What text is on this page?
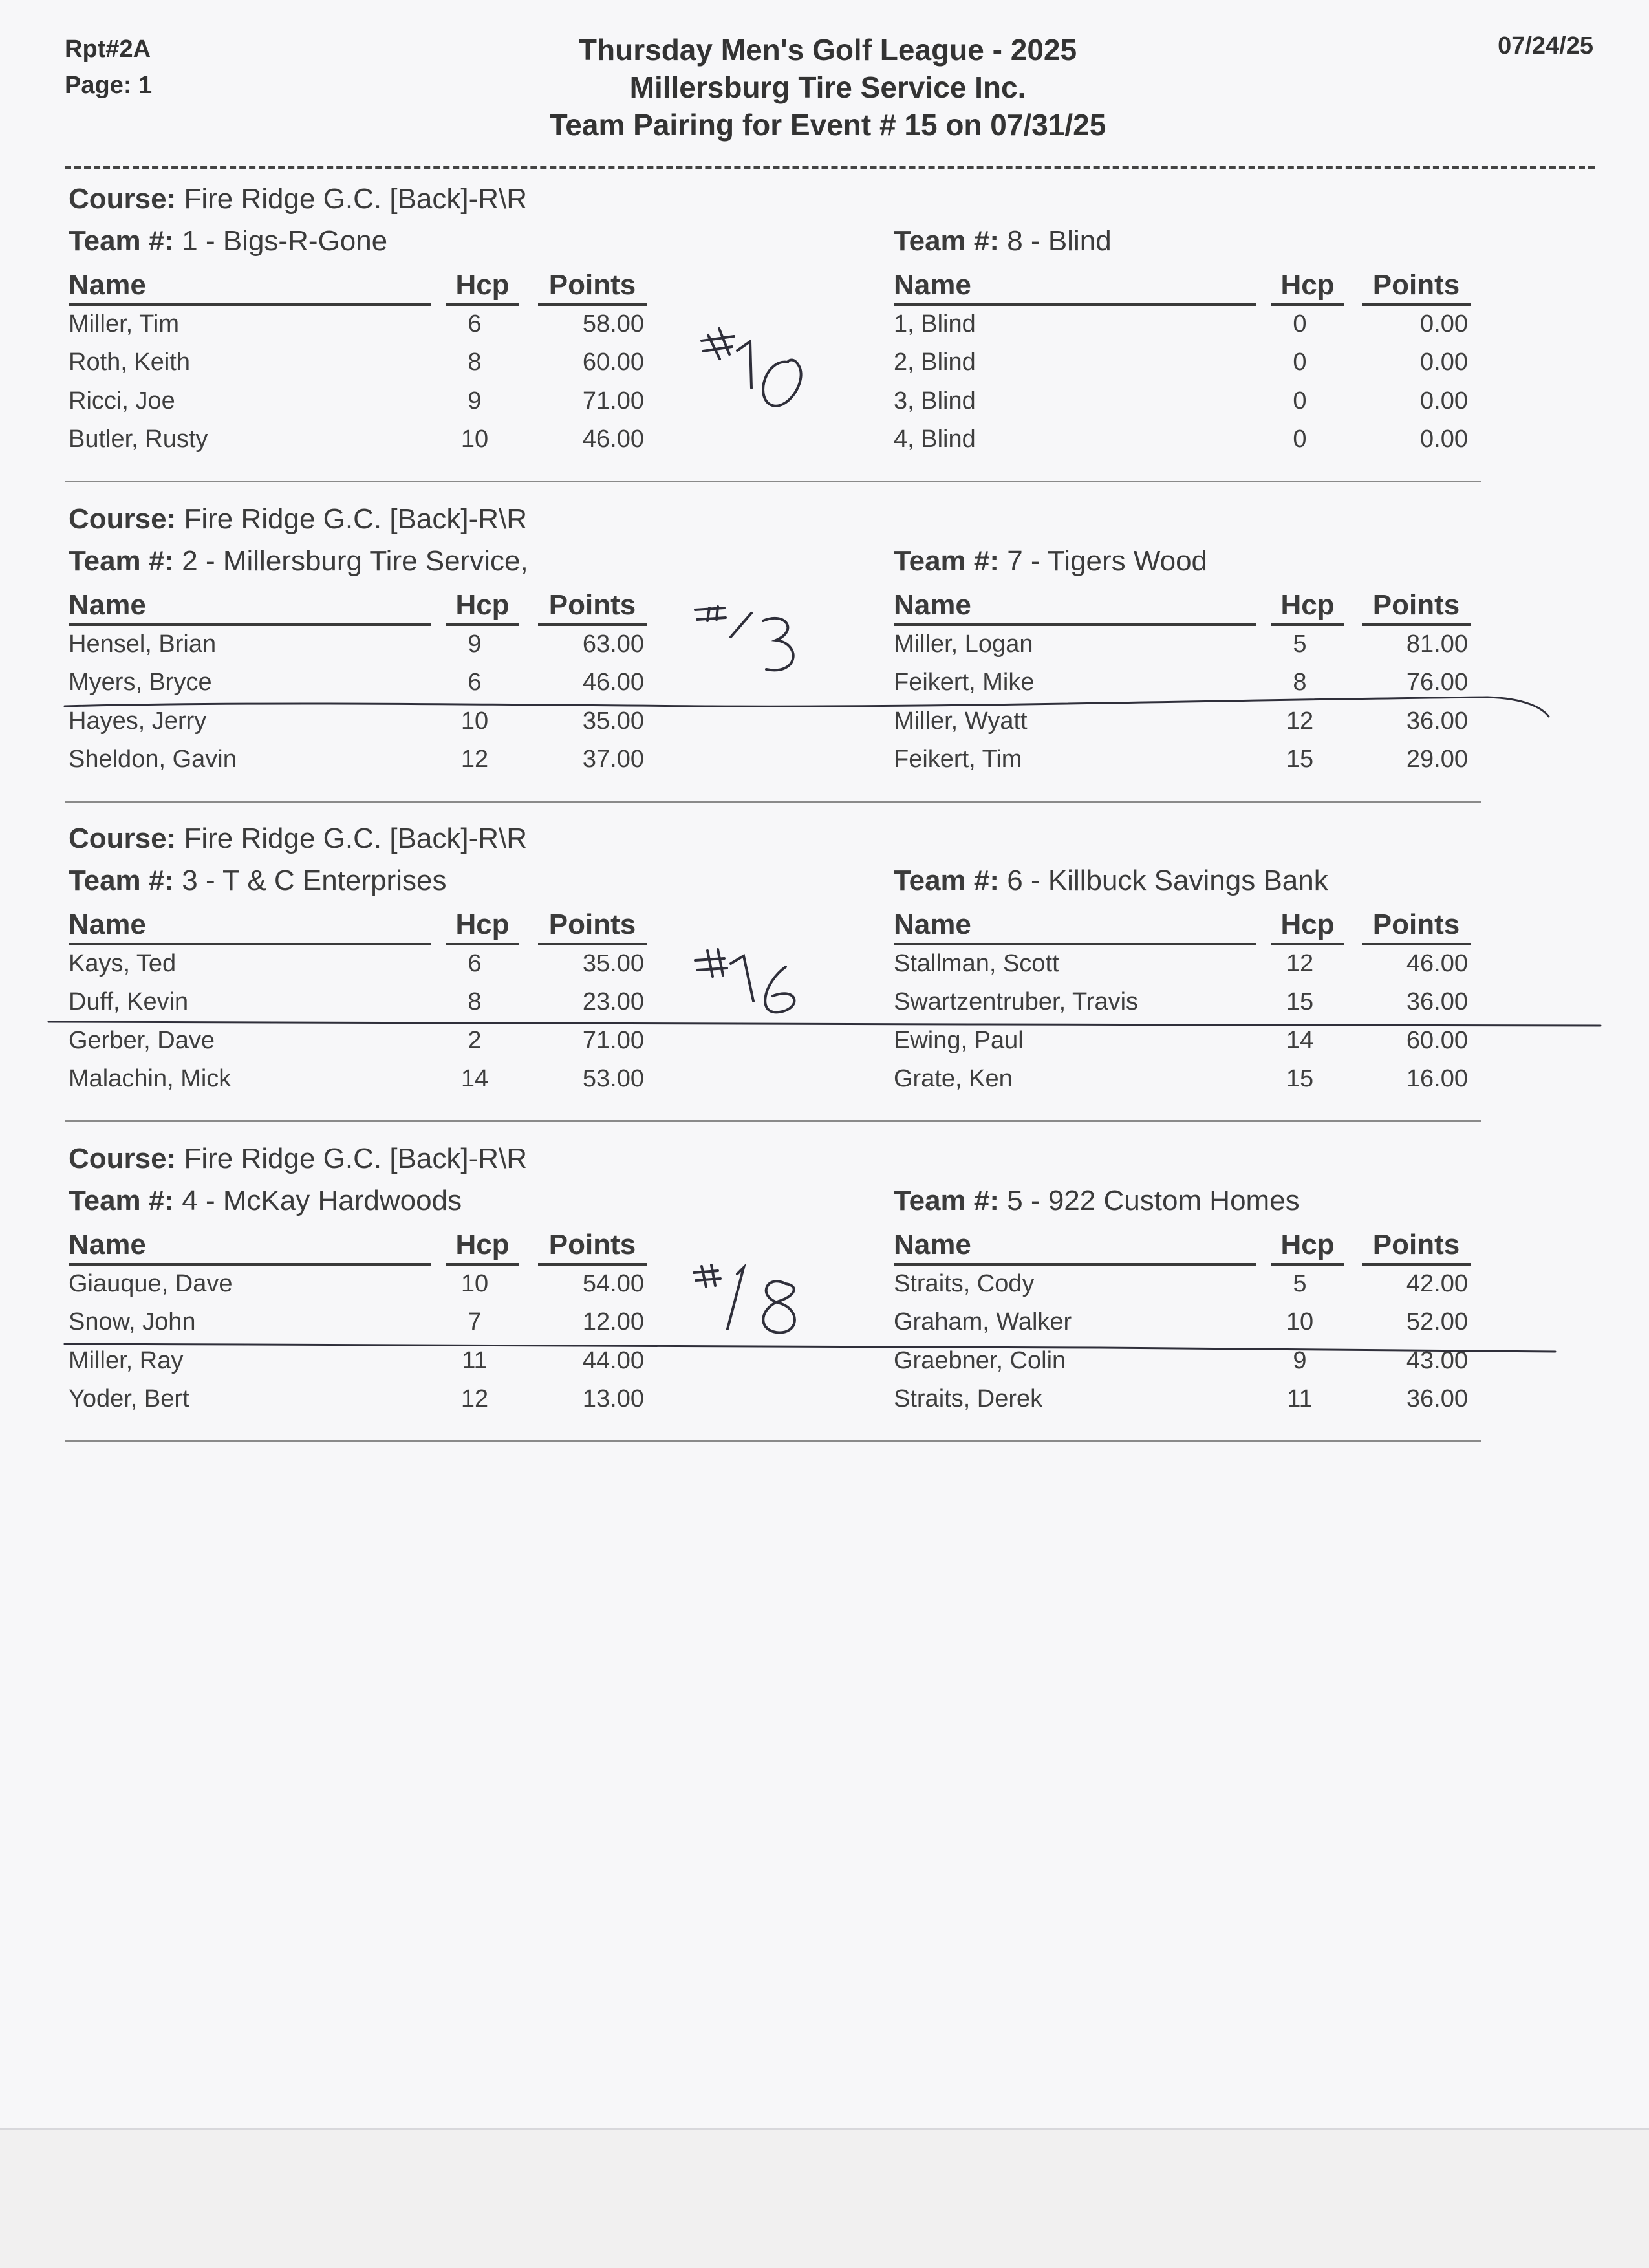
Rpt#2A
Page: 1
Thursday Men's Golf League - 2025
Millersburg Tire Service Inc.
Team Pairing for Event # 15 on 07/31/25
07/24/25
Course: Fire Ridge G.C. [Back]-R\R
Team #: 1 - Bigs-R-Gone
Name	Hcp	Points
Miller, Tim	6	58.00
Roth, Keith	8	60.00
Ricci, Joe	9	71.00
Butler, Rusty	10	46.00
Team #: 8 - Blind
Name	Hcp	Points
1, Blind	0	0.00
2, Blind	0	0.00
3, Blind	0	0.00
4, Blind	0	0.00
Course: Fire Ridge G.C. [Back]-R\R
Team #: 2 - Millersburg Tire Service,
Name	Hcp	Points
Hensel, Brian	9	63.00
Myers, Bryce	6	46.00
Hayes, Jerry	10	35.00
Sheldon, Gavin	12	37.00
Team #: 7 - Tigers Wood
Name	Hcp	Points
Miller, Logan	5	81.00
Feikert, Mike	8	76.00
Miller, Wyatt	12	36.00
Feikert, Tim	15	29.00
Course: Fire Ridge G.C. [Back]-R\R
Team #: 3 - T & C Enterprises
Name	Hcp	Points
Kays, Ted	6	35.00
Duff, Kevin	8	23.00
Gerber, Dave	2	71.00
Malachin, Mick	14	53.00
Team #: 6 - Killbuck Savings Bank
Name	Hcp	Points
Stallman, Scott	12	46.00
Swartzentruber, Travis	15	36.00
Ewing, Paul	14	60.00
Grate, Ken	15	16.00
Course: Fire Ridge G.C. [Back]-R\R
Team #: 4 - McKay Hardwoods
Name	Hcp	Points
Giauque, Dave	10	54.00
Snow, John	7	12.00
Miller, Ray	11	44.00
Yoder, Bert	12	13.00
Team #: 5 - 922 Custom Homes
Name	Hcp	Points
Straits, Cody	5	42.00
Graham, Walker	10	52.00
Graebner, Colin	9	43.00
Straits, Derek	11	36.00
